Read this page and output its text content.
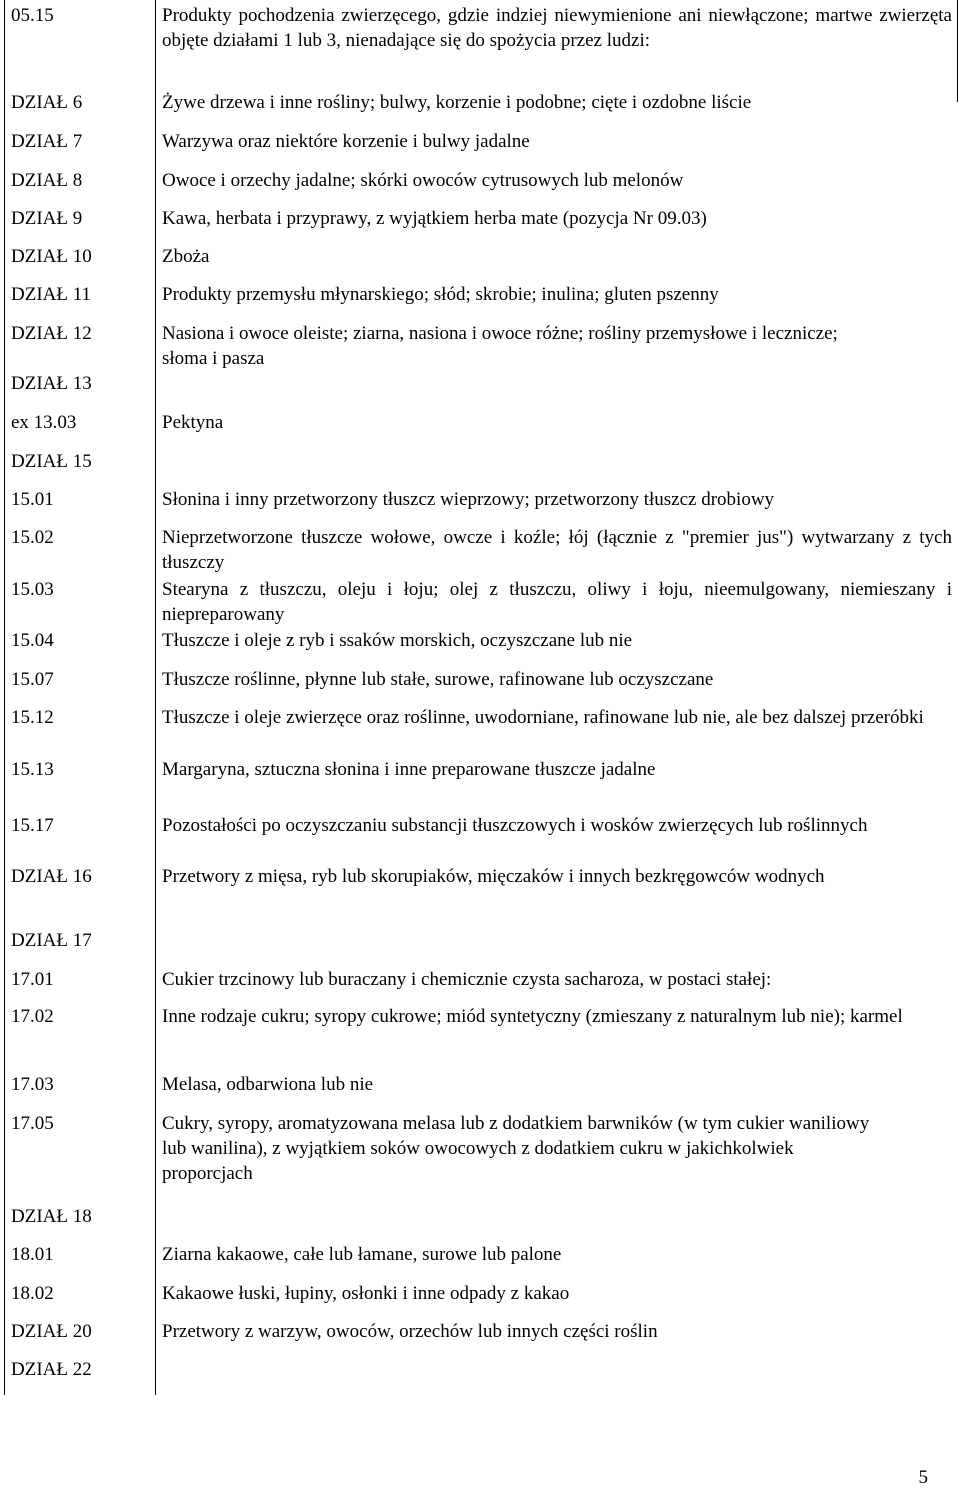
05.15	Produkty pochodzenia zwierzęcego, gdzie indziej niewymienione ani niewłączone; martwe zwierzęta objęte działami 1 lub 3, nienadające się do spożycia przez ludzi:
DZIAŁ 6	Żywe drzewa i inne rośliny; bulwy, korzenie i podobne; cięte i ozdobne liście
DZIAŁ 7	Warzywa oraz niektóre korzenie i bulwy jadalne
DZIAŁ 8	Owoce i orzechy jadalne; skórki owoców cytrusowych lub melonów
DZIAŁ 9	Kawa, herbata i przyprawy, z wyjątkiem herba mate (pozycja Nr 09.03)
DZIAŁ 10	Zboża
DZIAŁ 11	Produkty przemysłu młynarskiego; słód; skrobie; inulina; gluten pszenny
DZIAŁ 12	Nasiona i owoce oleiste; ziarna, nasiona i owoce różne; rośliny przemysłowe i lecznicze; słoma i pasza
DZIAŁ 13
ex 13.03	Pektyna
DZIAŁ 15
15.01	Słonina i inny przetworzony tłuszcz wieprzowy; przetworzony tłuszcz drobiowy
15.02	Nieprzetworzone tłuszcze wołowe, owcze i koźle; łój (łącznie z "premier jus") wytwarzany z tych tłuszczy
15.03	Stearyna z tłuszczu, oleju i łoju; olej z tłuszczu, oliwy i łoju, nieemulgowany, niemieszany i niepreparowany
15.04	Tłuszcze i oleje z ryb i ssaków morskich, oczyszczane lub nie
15.07	Tłuszcze roślinne, płynne lub stałe, surowe, rafinowane lub oczyszczane
15.12	Tłuszcze i oleje zwierzęce oraz roślinne, uwodorniane, rafinowane lub nie, ale bez dalszej przeróbki
15.13	Margaryna, sztuczna słonina i inne preparowane tłuszcze jadalne
15.17	Pozostałości po oczyszczaniu substancji tłuszczowych i wosków zwierzęcych lub roślinnych
DZIAŁ 16	Przetwory z mięsa, ryb lub skorupiaków, mięczaków i innych bezkręgowców wodnych
DZIAŁ 17
17.01	Cukier trzcinowy lub buraczany i chemicznie czysta sacharoza, w postaci stałej:
17.02	Inne rodzaje cukru; syropy cukrowe; miód syntetyczny (zmieszany z naturalnym lub nie); karmel
17.03	Melasa, odbarwiona lub nie
17.05	Cukry, syropy, aromatyzowana melasa lub z dodatkiem barwników (w tym cukier waniliowy lub wanilina), z wyjątkiem soków owocowych z dodatkiem cukru w jakichkolwiek proporcjach
DZIAŁ 18
18.01	Ziarna kakaowe, całe lub łamane, surowe lub palone
18.02	Kakaowe łuski, łupiny, osłonki i inne odpady z kakao
DZIAŁ 20	Przetwory z warzyw, owoców, orzechów lub innych części roślin
DZIAŁ 22
5
